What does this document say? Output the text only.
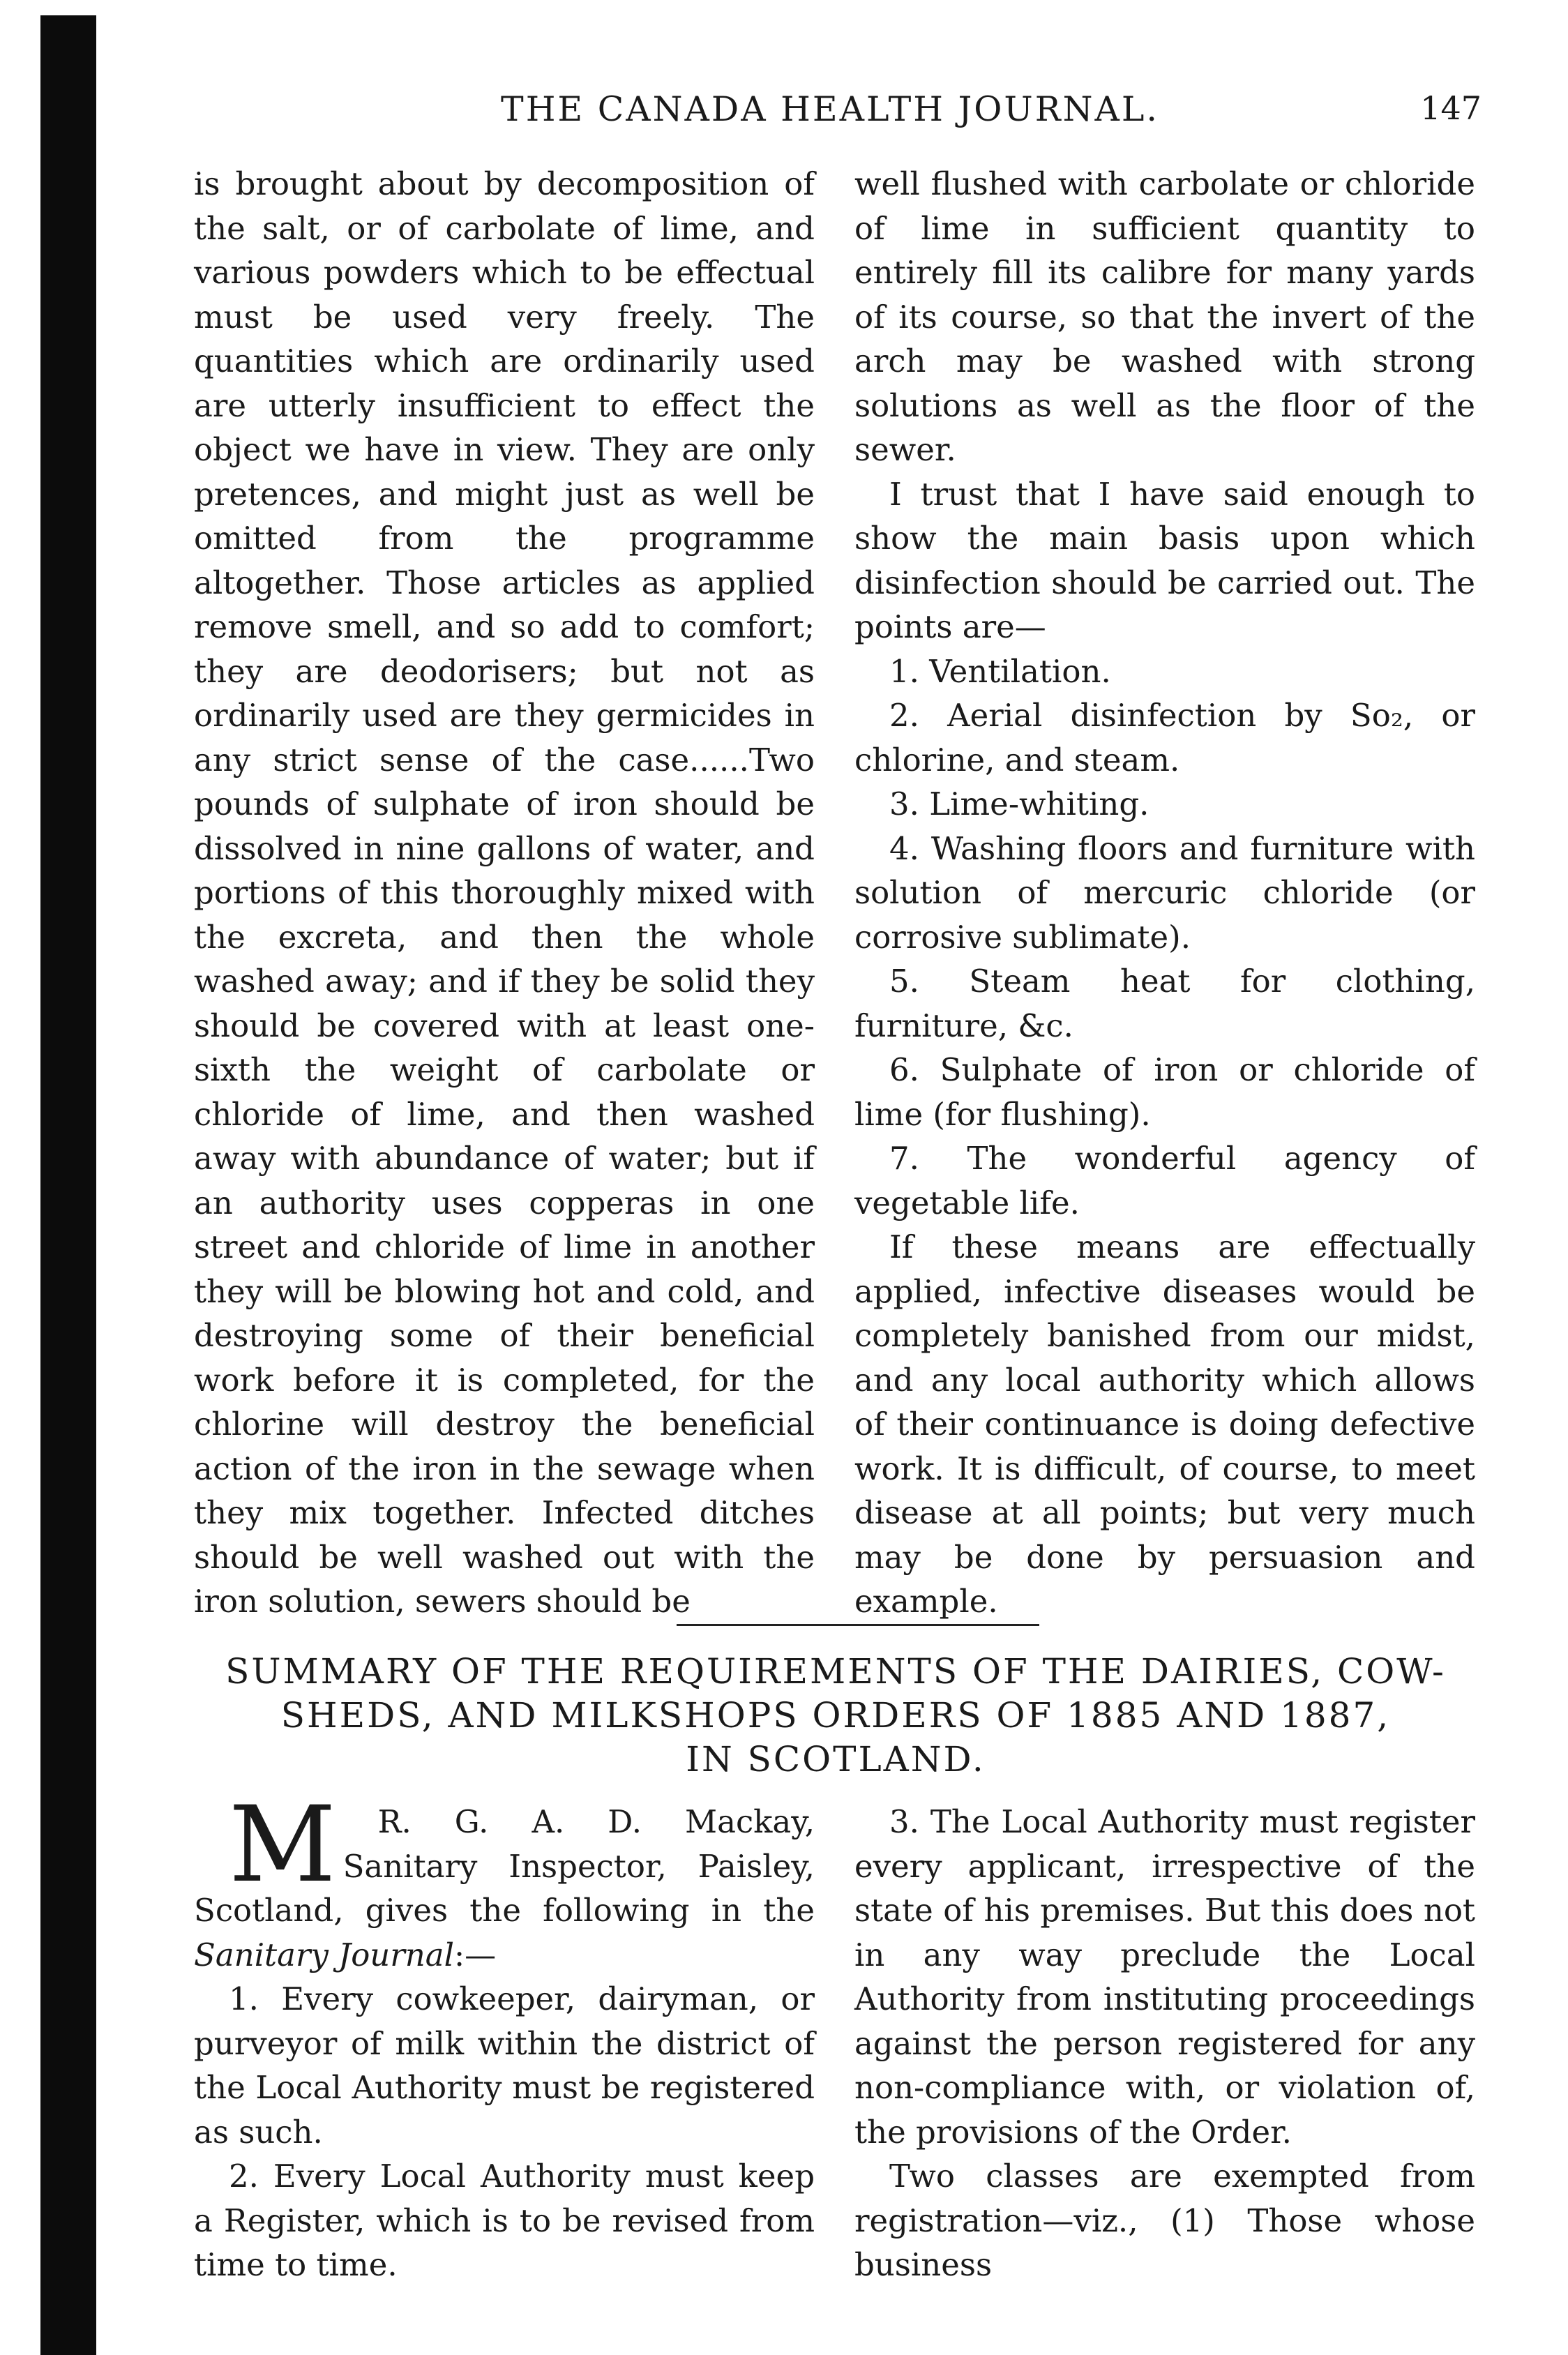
THE CANADA HEALTH JOURNAL.	147

is brought about by decomposition of the salt, or of carbolate of lime, and various powders which to be effectual must be used very freely. The quantities which are ordinarily used are utterly insufficient to effect the object we have in view. They are only pretences, and might just as well be omitted from the programme altogether. Those articles as applied remove smell, and so add to comfort; they are deodorisers; but not as ordinarily used are they germicides in any strict sense of the case......Two pounds of sulphate of iron should be dissolved in nine gallons of water, and portions of this thoroughly mixed with the excreta, and then the whole washed away; and if they be solid they should be covered with at least one-sixth the weight of carbolate or chloride of lime, and then washed away with abundance of water; but if an authority uses copperas in one street and chloride of lime in another they will be blowing hot and cold, and destroying some of their beneficial work before it is completed, for the chlorine will destroy the beneficial action of the iron in the sewage when they mix together. Infected ditches should be well washed out with the iron solution, sewers should be

well flushed with carbolate or chloride of lime in sufficient quantity to entirely fill its calibre for many yards of its course, so that the invert of the arch may be washed with strong solutions as well as the floor of the sewer.

I trust that I have said enough to show the main basis upon which disinfection should be carried out. The points are—

1. Ventilation.

2. Aerial disinfection by So₂, or chlorine, and steam.

3. Lime-whiting.

4. Washing floors and furniture with solution of mercuric chloride (or corrosive sublimate).

5. Steam heat for clothing, furniture, &c.

6. Sulphate of iron or chloride of lime (for flushing).

7. The wonderful agency of vegetable life.

If these means are effectually applied, infective diseases would be completely banished from our midst, and any local authority which allows of their continuance is doing defective work. It is difficult, of course, to meet disease at all points; but very much may be done by persuasion and example.

SUMMARY OF THE REQUIREMENTS OF THE DAIRIES, COW-
SHEDS, AND MILKSHOPS ORDERS OF 1885 AND 1887,
IN SCOTLAND.

M R. G. A. D. Mackay, Sanitary Inspector, Paisley, Scotland, gives the following in the Sanitary Journal:—

1. Every cowkeeper, dairyman, or purveyor of milk within the district of the Local Authority must be registered as such.

2. Every Local Authority must keep a Register, which is to be revised from time to time.

3. The Local Authority must register every applicant, irrespective of the state of his premises. But this does not in any way preclude the Local Authority from instituting proceedings against the person registered for any non-compliance with, or violation of, the provisions of the Order.

Two classes are exempted from registration—viz., (1) Those whose business
